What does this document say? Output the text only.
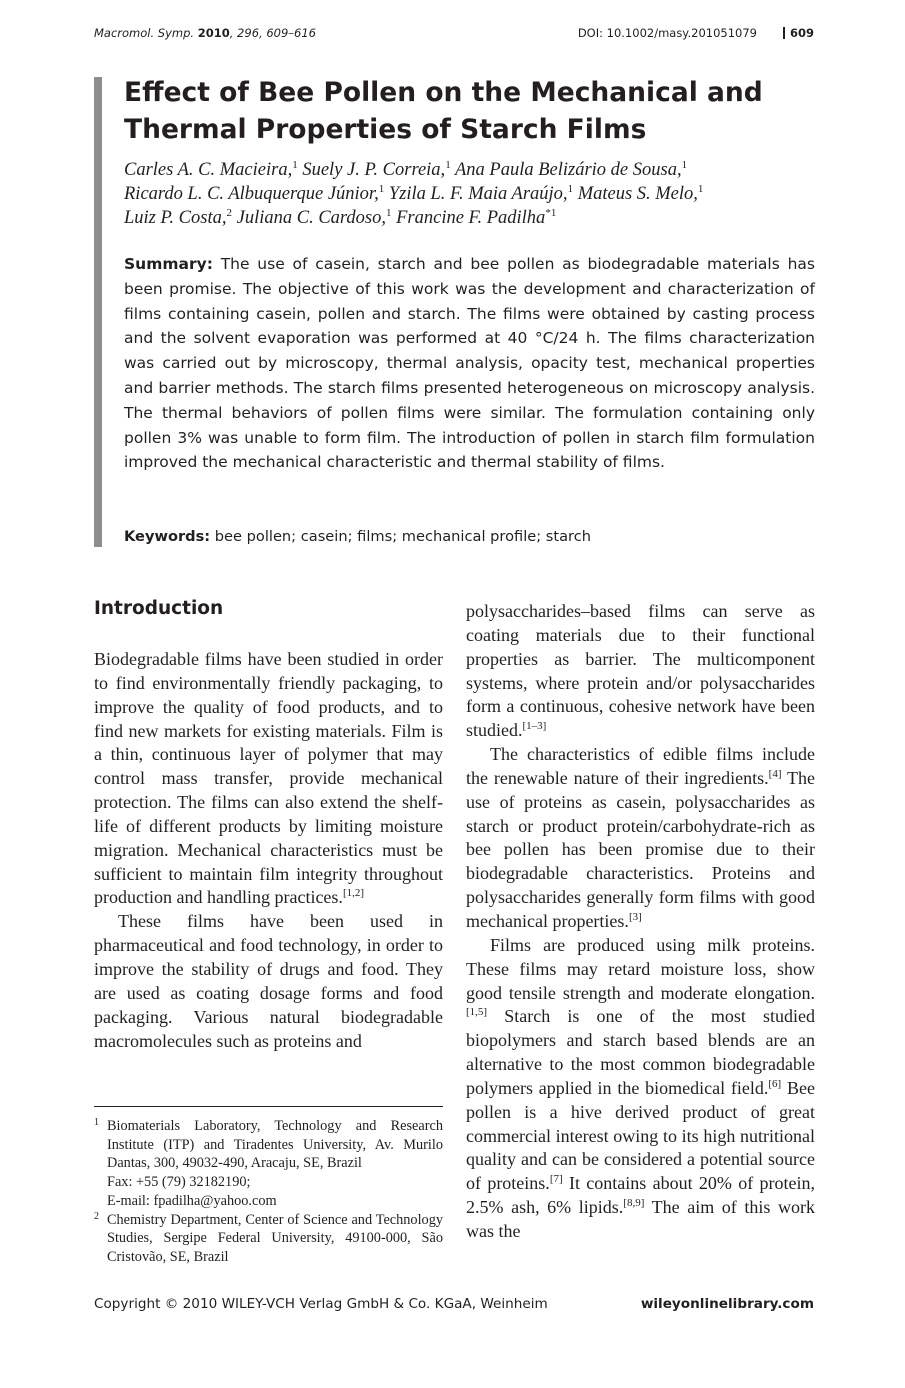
Macromol. Symp. 2010, 296, 609–616	DOI: 10.1002/masy.201051079	609
Effect of Bee Pollen on the Mechanical and Thermal Properties of Starch Films
Carles A. C. Macieira,$^1$ Suely J. P. Correia,$^1$ Ana Paula Belizário de Sousa,$^1$
Ricardo L. C. Albuquerque Júnior,$^1$ Yzila L. F. Maia Araújo,$^1$ Mateus S. Melo,$^1$
Luiz P. Costa,$^2$ Juliana C. Cardoso,$^1$ Francine F. Padilha$^{*1}$
Summary: The use of casein, starch and bee pollen as biodegradable materials has been promise. The objective of this work was the development and characterization of films containing casein, pollen and starch. The films were obtained by casting process and the solvent evaporation was performed at 40 °C/24 h. The films characterization was carried out by microscopy, thermal analysis, opacity test, mechanical properties and barrier methods. The starch films presented heterogeneous on microscopy analysis. The thermal behaviors of pollen films were similar. The formulation containing only pollen 3% was unable to form film. The introduction of pollen in starch film formulation improved the mechanical characteristic and thermal stability of films.
Keywords: bee pollen; casein; films; mechanical profile; starch
Introduction

Biodegradable films have been studied in order to find environmentally friendly packaging, to improve the quality of food products, and to find new markets for existing materials. Film is a thin, continuous layer of polymer that may control mass transfer, provide mechanical protection. The films can also extend the shelf-life of different products by limiting moisture migration. Mechanical characteristics must be sufficient to maintain film integrity throughout production and handling practices.[1,2]

These films have been used in pharmaceutical and food technology, in order to improve the stability of drugs and food. They are used as coating dosage forms and food packaging. Various natural biodegradable macromolecules such as proteins and

polysaccharides–based films can serve as coating materials due to their functional properties as barrier. The multicomponent systems, where protein and/or polysaccharides form a continuous, cohesive network have been studied.[1–3]

The characteristics of edible films include the renewable nature of their ingredients.[4] The use of proteins as casein, polysaccharides as starch or product protein/carbohydrate-rich as bee pollen has been promise due to their biodegradable characteristics. Proteins and polysaccharides generally form films with good mechanical properties.[3]

Films are produced using milk proteins. These films may retard moisture loss, show good tensile strength and moderate elongation.[1,5] Starch is one of the most studied biopolymers and starch based blends are an alternative to the most common biodegradable polymers applied in the biomedical field.[6] Bee pollen is a hive derived product of great commercial interest owing to its high nutritional quality and can be considered a potential source of proteins.[7] It contains about 20% of protein, 2.5% ash, 6% lipids.[8,9] The aim of this work was the

1 Biomaterials Laboratory, Technology and Research Institute (ITP) and Tiradentes University, Av. Murilo Dantas, 300, 49032-490, Aracaju, SE, Brazil
Fax: +55 (79) 32182190;
E-mail: fpadilha@yahoo.com
2 Chemistry Department, Center of Science and Technology Studies, Sergipe Federal University, 49100-000, São Cristovão, SE, Brazil
Copyright © 2010 WILEY-VCH Verlag GmbH & Co. KGaA, Weinheim	wileyonlinelibrary.com
